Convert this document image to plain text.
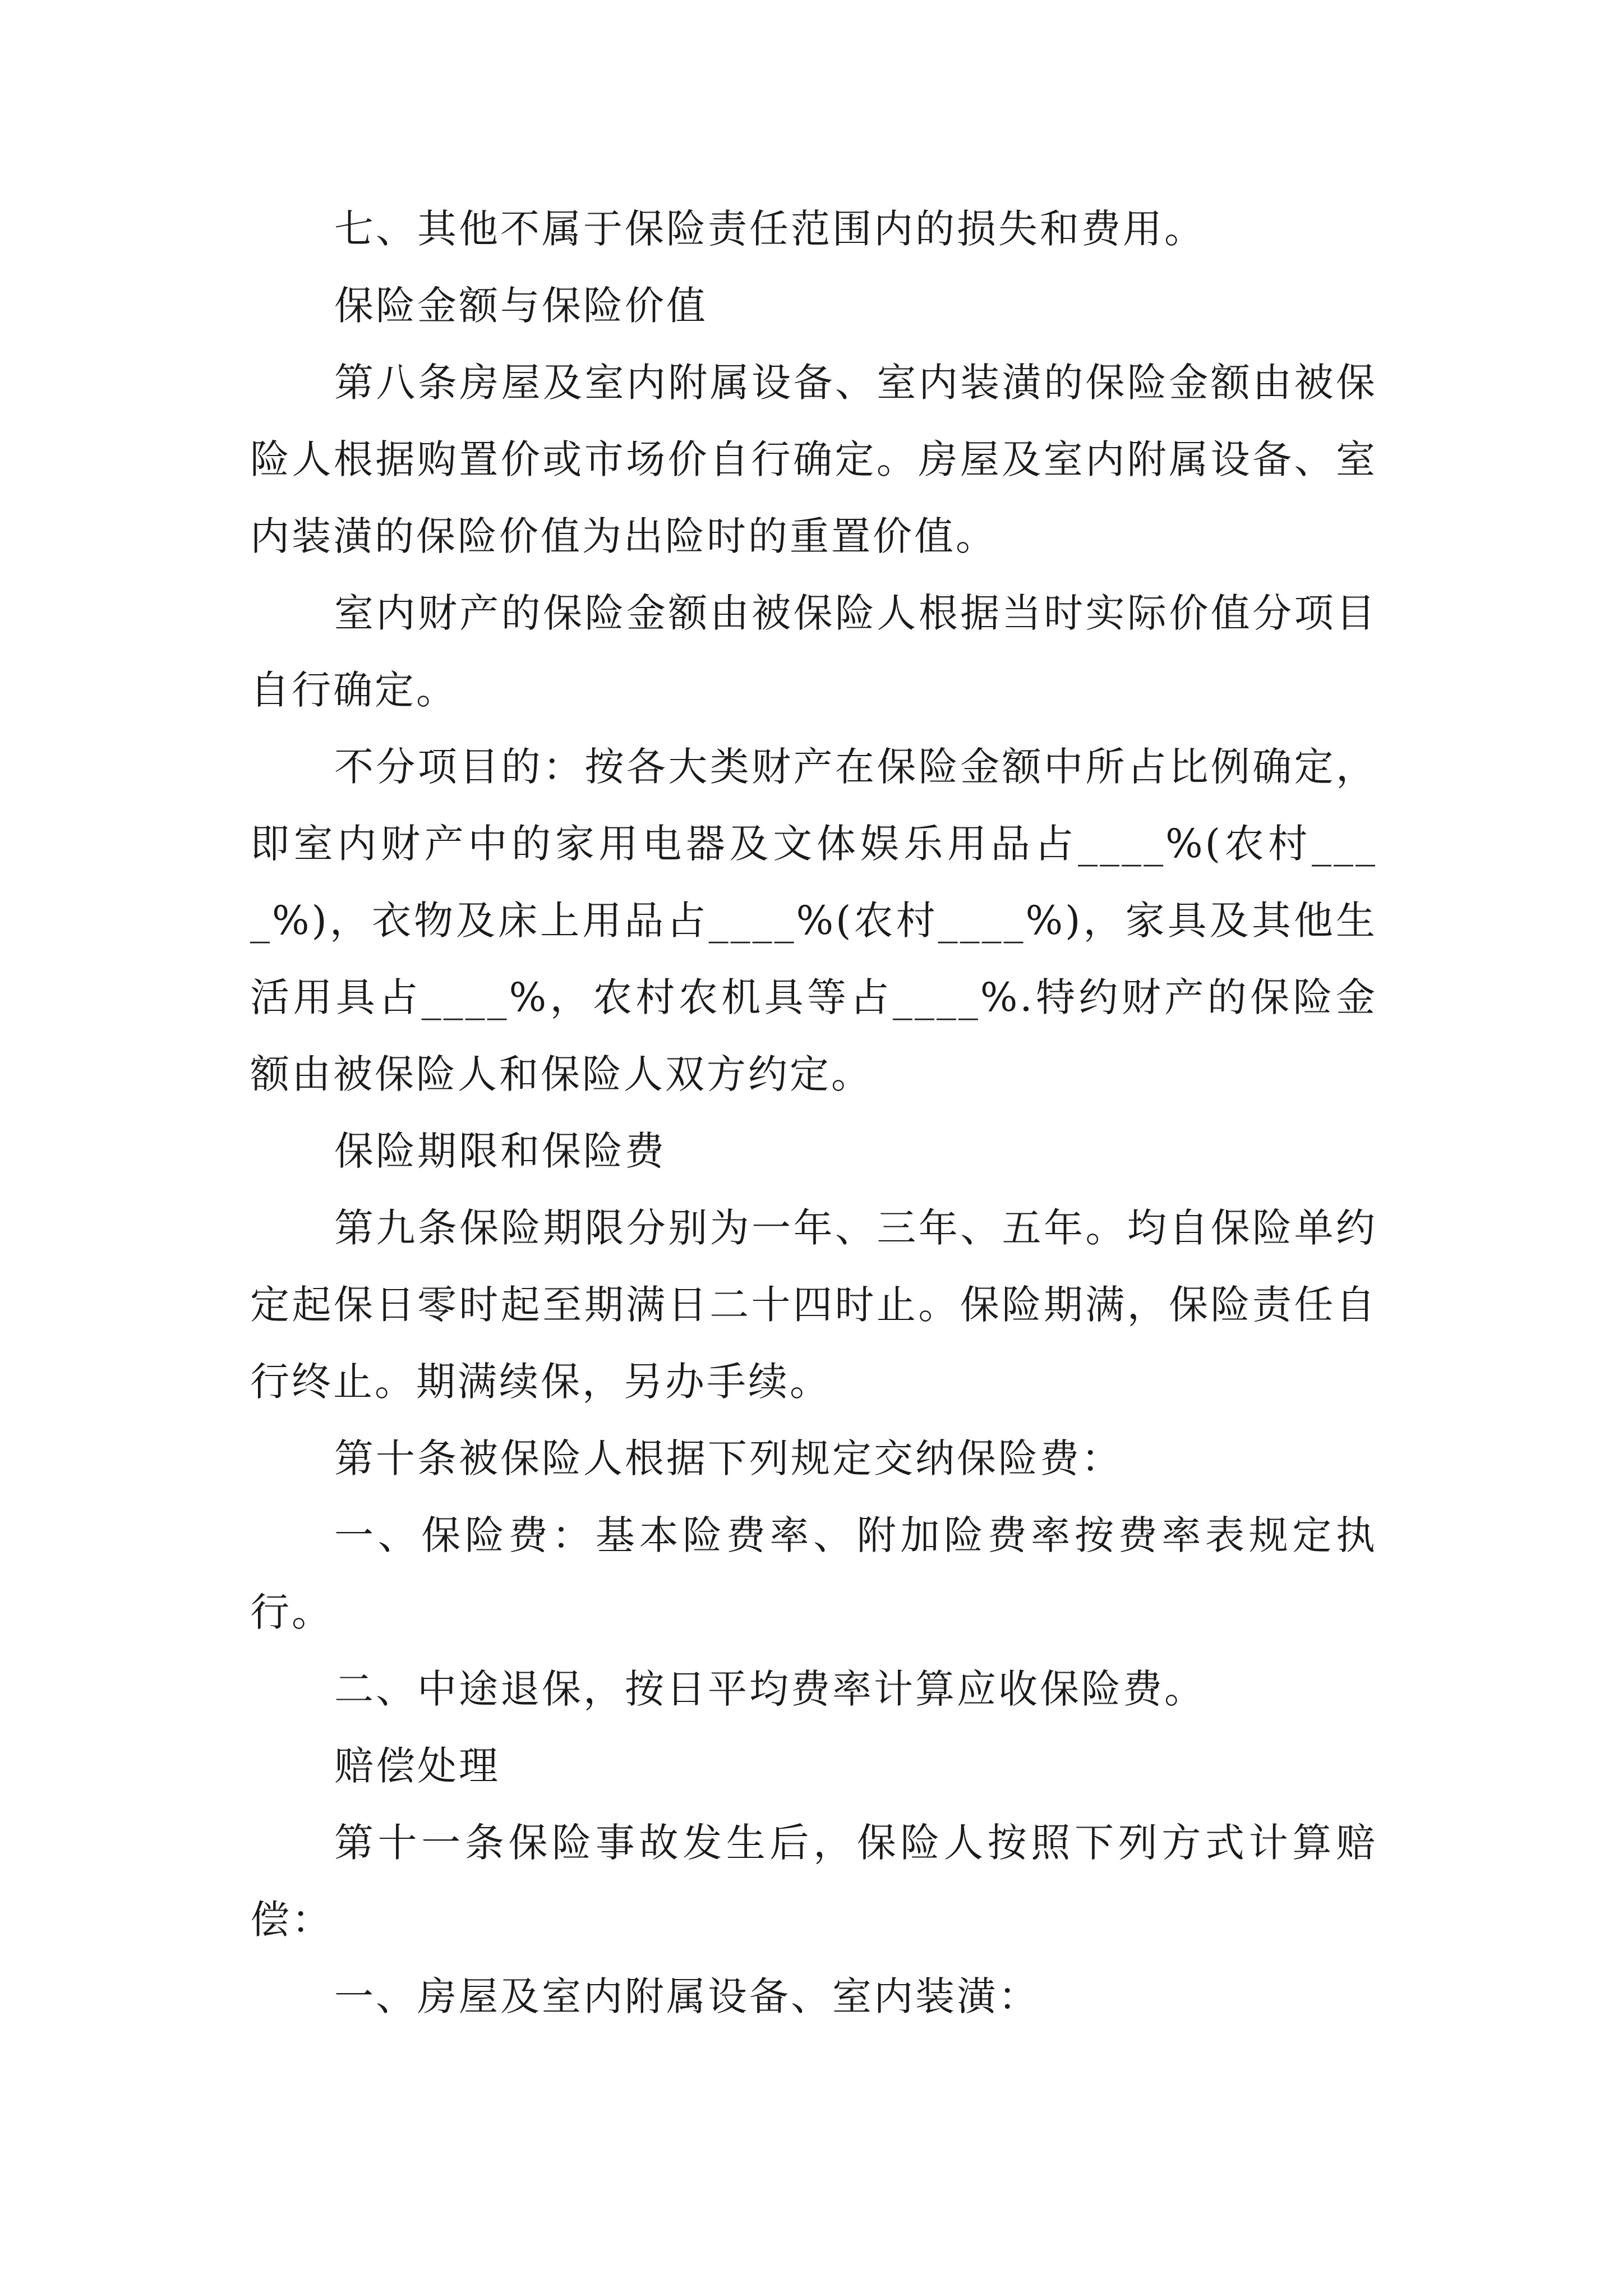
七、其他不属于保险责任范围内的损失和费用。

保险金额与保险价值

第八条房屋及室内附属设备、室内装潢的保险金额由被保险人根据购置价或市场价自行确定。房屋及室内附属设备、室内装潢的保险价值为出险时的重置价值。

室内财产的保险金额由被保险人根据当时实际价值分项目自行确定。

不分项目的：按各大类财产在保险金额中所占比例确定，即室内财产中的家用电器及文体娱乐用品占____%(农村____%)，衣物及床上用品占____%(农村____%)，家具及其他生活用具占____%，农村农机具等占____%.特约财产的保险金额由被保险人和保险人双方约定。

保险期限和保险费

第九条保险期限分别为一年、三年、五年。均自保险单约定起保日零时起至期满日二十四时止。保险期满，保险责任自行终止。期满续保，另办手续。

第十条被保险人根据下列规定交纳保险费：

一、保险费：基本险费率、附加险费率按费率表规定执行。

二、中途退保，按日平均费率计算应收保险费。

赔偿处理

第十一条保险事故发生后，保险人按照下列方式计算赔偿：

一、房屋及室内附属设备、室内装潢：
